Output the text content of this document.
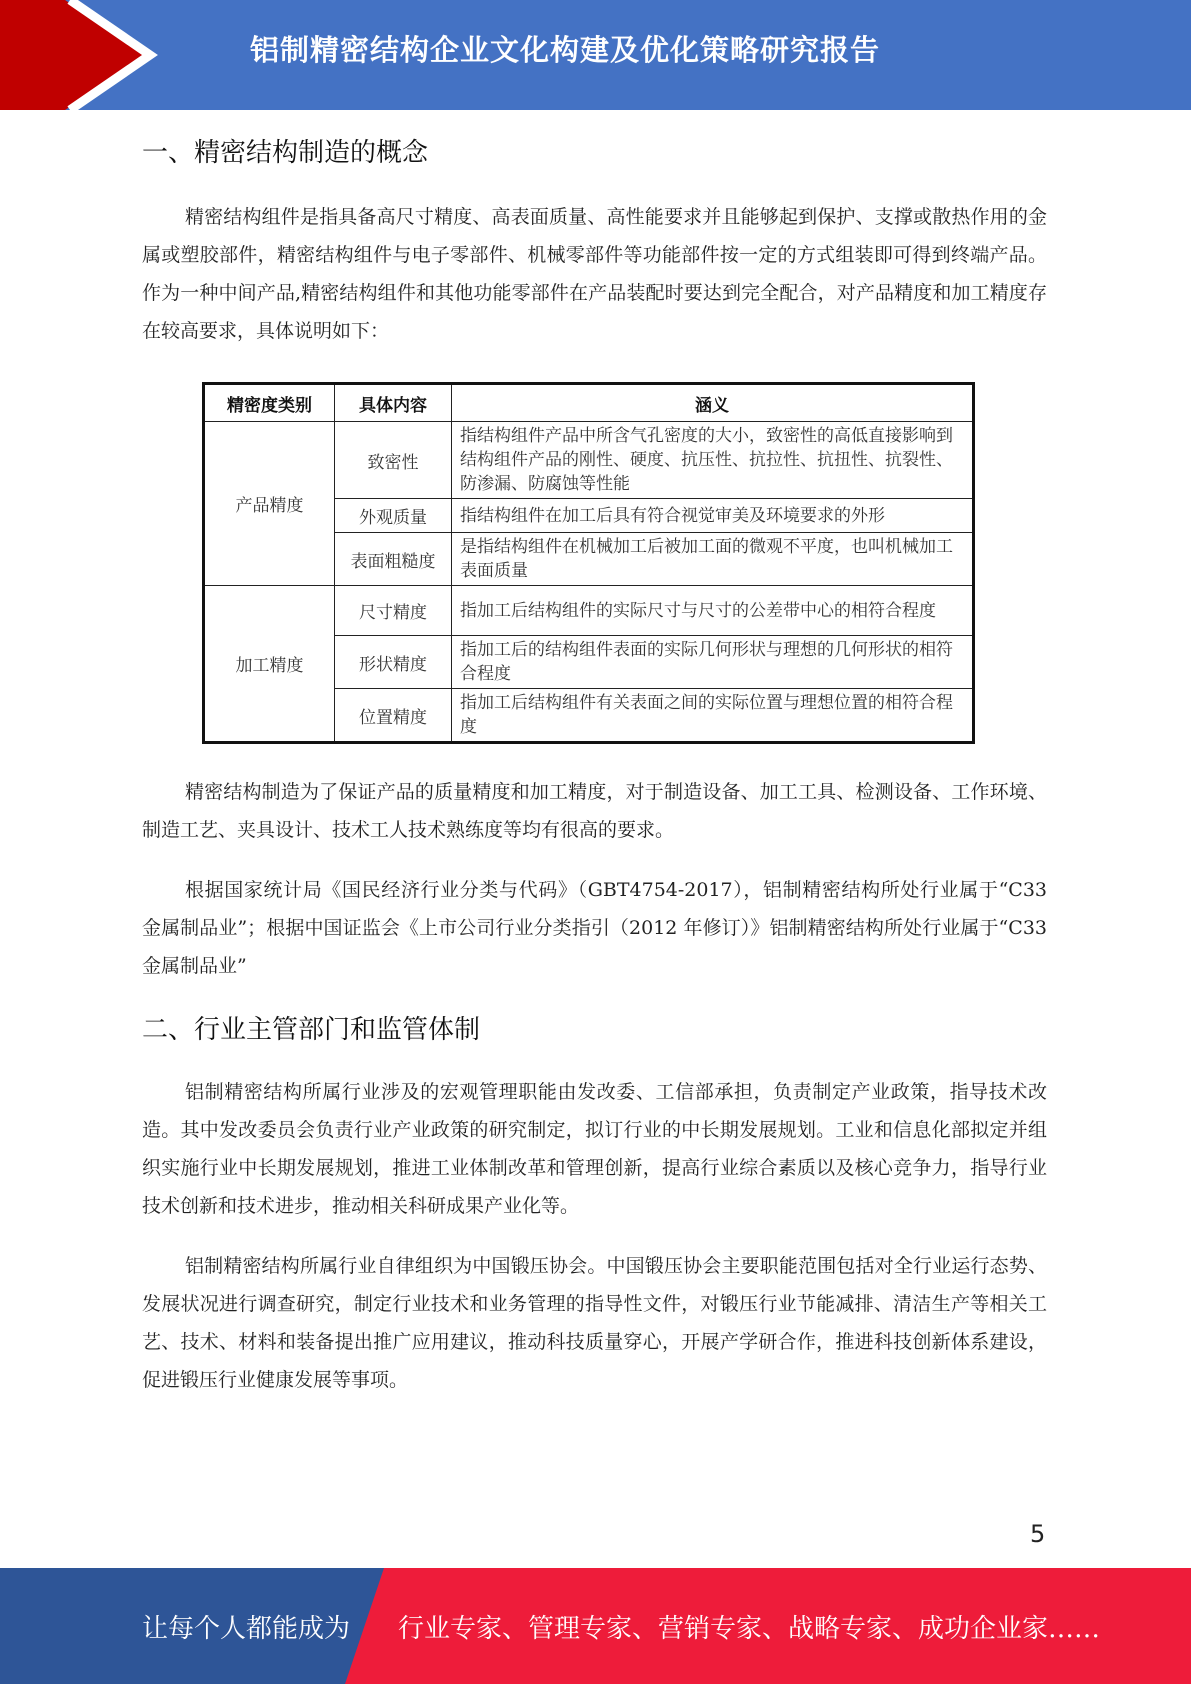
铝制精密结构企业文化构建及优化策略研究报告
一、精密结构制造的概念
精密结构组件是指具备高尺寸精度、高表面质量、高性能要求并且能够起到保护、支撑或散热作用的金属或塑胶部件，精密结构组件与电子零部件、机械零部件等功能部件按一定的方式组装即可得到终端产品。作为一种中间产品,精密结构组件和其他功能零部件在产品装配时要达到完全配合，对产品精度和加工精度存在较高要求，具体说明如下：
精密度类别	具体内容	涵义
产品精度	致密性	指结构组件产品中所含气孔密度的大小，致密性的高低直接影响到结构组件产品的刚性、硬度、抗压性、抗拉性、抗扭性、抗裂性、防渗漏、防腐蚀等性能
	外观质量	指结构组件在加工后具有符合视觉审美及环境要求的外形
	表面粗糙度	是指结构组件在机械加工后被加工面的微观不平度，也叫机械加工表面质量
加工精度	尺寸精度	指加工后结构组件的实际尺寸与尺寸的公差带中心的相符合程度
	形状精度	指加工后的结构组件表面的实际几何形状与理想的几何形状的相符合程度
	位置精度	指加工后结构组件有关表面之间的实际位置与理想位置的相符合程度
精密结构制造为了保证产品的质量精度和加工精度，对于制造设备、加工工具、检测设备、工作环境、制造工艺、夹具设计、技术工人技术熟练度等均有很高的要求。
根据国家统计局《国民经济行业分类与代码》（GBT4754-2017），铝制精密结构所处行业属于“C33 金属制品业”；根据中国证监会《上市公司行业分类指引（2012 年修订）》铝制精密结构所处行业属于“C33 金属制品业”
二、行业主管部门和监管体制
铝制精密结构所属行业涉及的宏观管理职能由发改委、工信部承担，负责制定产业政策，指导技术改造。其中发改委员会负责行业产业政策的研究制定，拟订行业的中长期发展规划。工业和信息化部拟定并组织实施行业中长期发展规划，推进工业体制改革和管理创新，提高行业综合素质以及核心竞争力，指导行业技术创新和技术进步，推动相关科研成果产业化等。
铝制精密结构所属行业自律组织为中国锻压协会。中国锻压协会主要职能范围包括对全行业运行态势、发展状况进行调查研究，制定行业技术和业务管理的指导性文件，对锻压行业节能减排、清洁生产等相关工艺、技术、材料和装备提出推广应用建议，推动科技质量穿心，开展产学研合作，推进科技创新体系建设，促进锻压行业健康发展等事项。
5
让每个人都能成为 行业专家、管理专家、营销专家、战略专家、成功企业家……
